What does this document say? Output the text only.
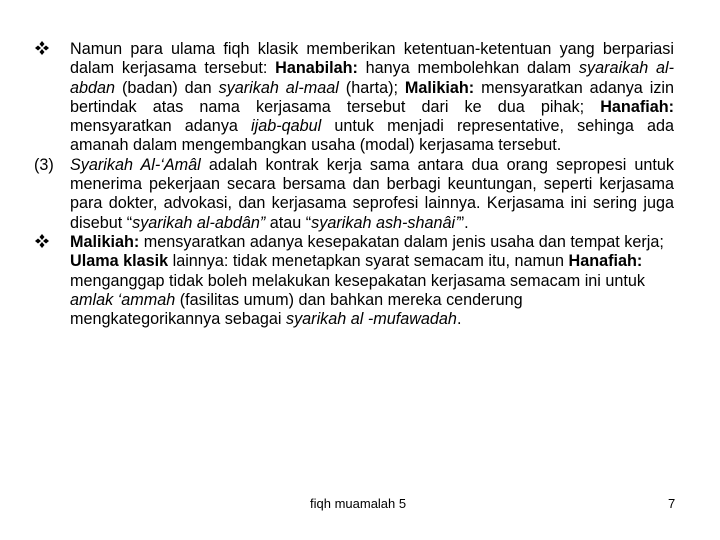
Namun para ulama fiqh klasik memberikan ketentuan-ketentuan yang berpariasi dalam kerjasama tersebut: Hanabilah: hanya membolehkan dalam syaraikah al-abdan (badan) dan syarikah al-maal (harta); Malikiah: mensyaratkan adanya izin bertindak atas nama kerjasama tersebut dari ke dua pihak; Hanafiah: mensyaratkan adanya ijab-qabul untuk menjadi representative, sehinga ada amanah dalam mengembangkan usaha (modal) kerjasama tersebut.
(3) Syarikah Al-‘Amâl adalah kontrak kerja sama antara dua orang sepropesi untuk menerima pekerjaan secara bersama dan berbagi keuntungan, seperti kerjasama para dokter, advokasi, dan kerjasama seprofesi lainnya. Kerjasama ini sering juga disebut “syarikah al-abdân” atau “syarikah ash-shanâi’”.
Malikiah: mensyaratkan adanya kesepakatan dalam jenis usaha dan tempat kerja;
Ulama klasik lainnya: tidak menetapkan syarat semacam itu, namun Hanafiah: menganggap tidak boleh melakukan kesepakatan kerjasama semacam ini untuk amlak ‘ammah (fasilitas umum) dan bahkan mereka cenderung mengkategorikannya sebagai syarikah al -mufawadah.
fiqh muamalah 5	7
